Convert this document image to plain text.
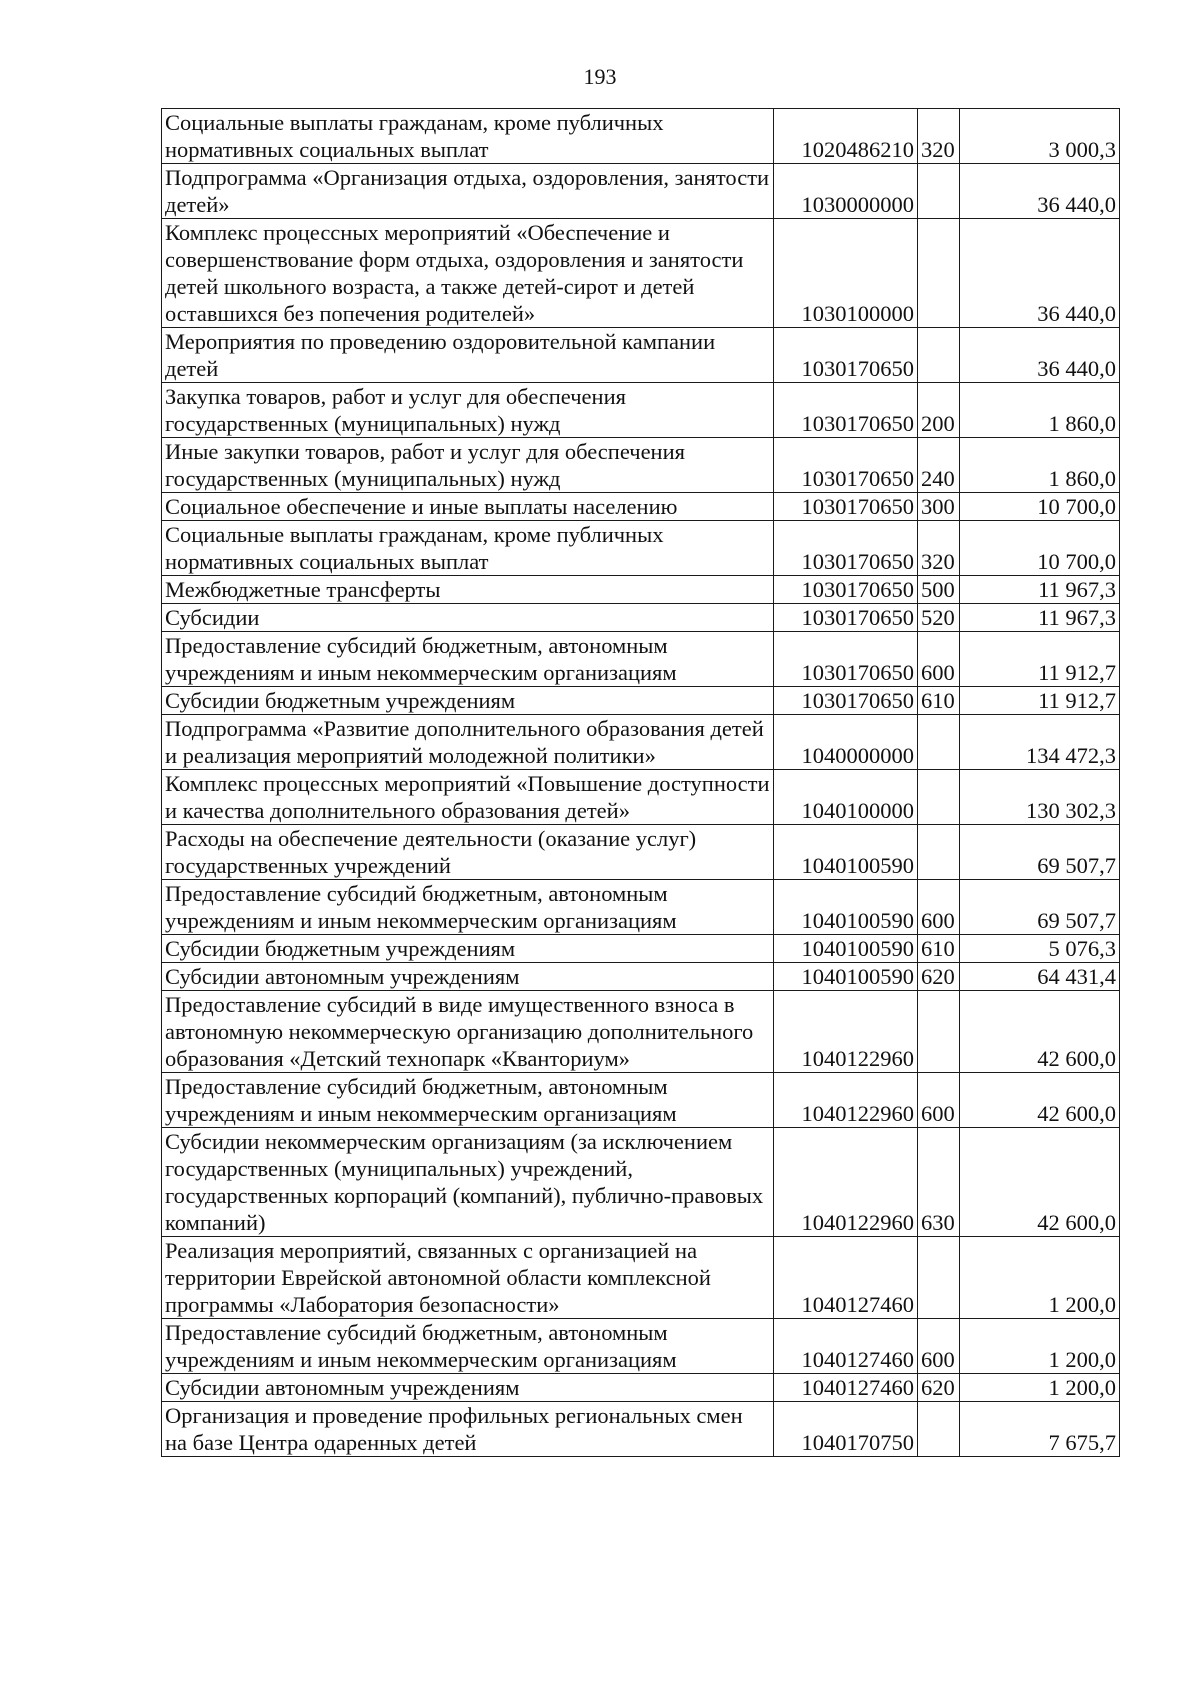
193
Социальные выплаты гражданам, кроме публичных нормативных социальных выплат	1020486210	320	3 000,3
Подпрограмма «Организация отдыха, оздоровления, занятости детей»	1030000000		36 440,0
Комплекс процессных мероприятий «Обеспечение и совершенствование форм отдыха, оздоровления и занятости детей школьного возраста, а также детей-сирот и детей оставшихся без попечения родителей»	1030100000		36 440,0
Мероприятия по проведению оздоровительной кампании детей	1030170650		36 440,0
Закупка товаров, работ и услуг для обеспечения государственных (муниципальных) нужд	1030170650	200	1 860,0
Иные закупки товаров, работ и услуг для обеспечения государственных (муниципальных) нужд	1030170650	240	1 860,0
Социальное обеспечение и иные выплаты населению	1030170650	300	10 700,0
Социальные выплаты гражданам, кроме публичных нормативных социальных выплат	1030170650	320	10 700,0
Межбюджетные трансферты	1030170650	500	11 967,3
Субсидии	1030170650	520	11 967,3
Предоставление субсидий бюджетным, автономным учреждениям и иным некоммерческим организациям	1030170650	600	11 912,7
Субсидии бюджетным учреждениям	1030170650	610	11 912,7
Подпрограмма «Развитие дополнительного образования детей и реализация мероприятий молодежной политики»	1040000000		134 472,3
Комплекс процессных мероприятий «Повышение доступности и качества дополнительного образования детей»	1040100000		130 302,3
Расходы на обеспечение деятельности (оказание услуг) государственных учреждений	1040100590		69 507,7
Предоставление субсидий бюджетным, автономным учреждениям и иным некоммерческим организациям	1040100590	600	69 507,7
Субсидии бюджетным учреждениям	1040100590	610	5 076,3
Субсидии автономным учреждениям	1040100590	620	64 431,4
Предоставление субсидий в виде имущественного взноса в автономную некоммерческую организацию дополнительного образования «Детский технопарк «Кванториум»	1040122960		42 600,0
Предоставление субсидий бюджетным, автономным учреждениям и иным некоммерческим организациям	1040122960	600	42 600,0
Субсидии некоммерческим организациям (за исключением государственных (муниципальных) учреждений, государственных корпораций (компаний), публично-правовых компаний)	1040122960	630	42 600,0
Реализация мероприятий, связанных с организацией на территории Еврейской автономной области комплексной программы «Лаборатория безопасности»	1040127460		1 200,0
Предоставление субсидий бюджетным, автономным учреждениям и иным некоммерческим организациям	1040127460	600	1 200,0
Субсидии автономным учреждениям	1040127460	620	1 200,0
Организация и проведение профильных региональных смен на базе Центра одаренных детей	1040170750		7 675,7
